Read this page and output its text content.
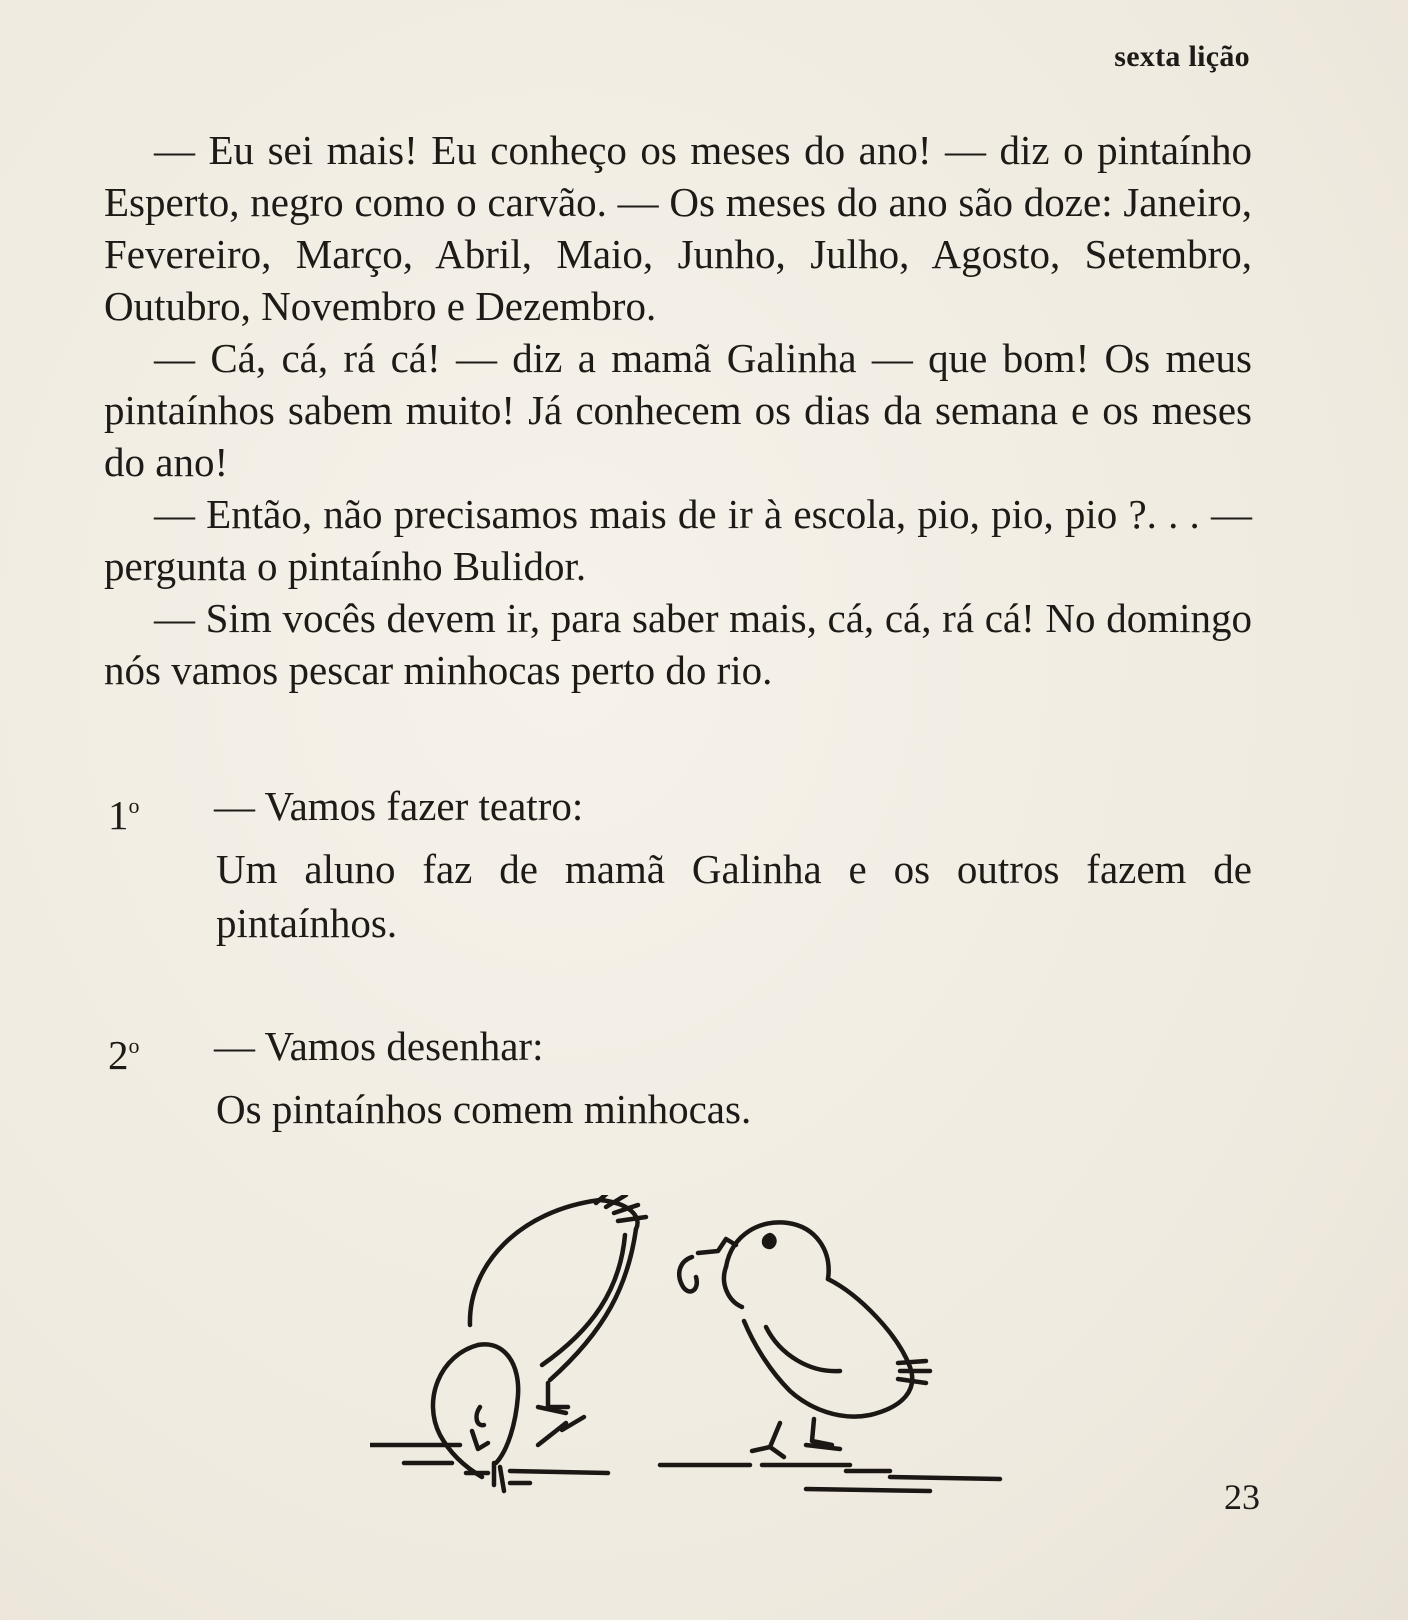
sexta lição

— Eu sei mais! Eu conheço os meses do ano! — diz o pintaínho Esperto, negro como o carvão. — Os meses do ano são doze: Janeiro, Fevereiro, Março, Abril, Maio, Junho, Julho, Agosto, Setembro, Outubro, Novembro e Dezembro.

— Cá, cá, rá cá! — diz a mamã Galinha — que bom! Os meus pintaínhos sabem muito! Já conhecem os dias da semana e os meses do ano!

— Então, não precisamos mais de ir à escola, pio, pio, pio ?. . . — pergunta o pintaínho Bulidor.

— Sim vocês devem ir, para saber mais, cá, cá, rá cá! No domingo nós vamos pescar minhocas perto do rio.

1$^o$	— Vamos fazer teatro:
Um aluno faz de mamã Galinha e os outros fazem de pintaínhos.
2$^o$	— Vamos desenhar:
Os pintaínhos comem minhocas.
23
